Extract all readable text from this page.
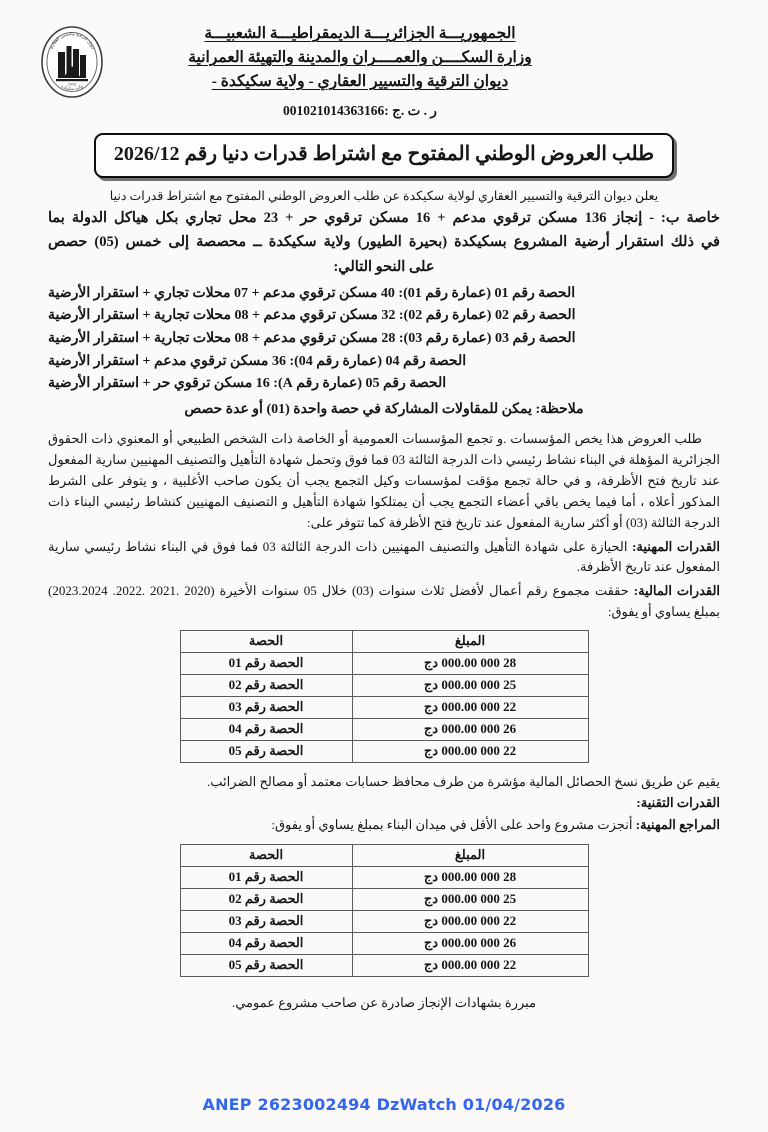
OPGI
ديوان الترقية والتسيير العقاري
ولاية سكيكدة
الجمهوريـــة الجزائريـــة الديمقراطيـــة الشعبيـــة
وزارة السكــــن والعمــــران والمدينة والتهيئة العمرانية
ديوان الترقية والتسيير العقاري - ولاية سكيكدة -
ر . ت .ج :001021014363166
طلب العروض الوطني المفتوح مع اشتراط قدرات دنيا رقم 2026/12

يعلن ديوان الترقية والتسيير العقاري لولاية سكيكدة عن طلب العروض الوطني المفتوح مع اشتراط قدرات دنيا

خاصة ب: - إنجاز 136 مسكن ترقوي مدعم + 16 مسكن ترقوي حر + 23 محل تجاري بكل هياكل الدولة بما

في ذلك استقرار أرضية المشروع بسكيكدة (بحيرة الطيور) ولاية سكيكدة ــ محصصة إلى خمس (05) حصص

على النحو التالي:

الحصة رقم 01 (عمارة رقم 01): 40 مسكن ترقوي مدعم + 07 محلات تجاري + استقرار الأرضية

الحصة رقم 02 (عمارة رقم 02): 32 مسكن ترقوي مدعم + 08 محلات تجارية + استقرار الأرضية

الحصة رقم 03 (عمارة رقم 03): 28 مسكن ترقوي مدعم + 08 محلات تجارية + استقرار الأرضية

الحصة رقم 04 (عمارة رقم 04): 36 مسكن ترقوي مدعم + استقرار الأرضية

الحصة رقم 05 (عمارة رقم A): 16 مسكن ترقوي حر + استقرار الأرضية

ملاحظة: يمكن للمقاولات المشاركة في حصة واحدة (01) أو عدة حصص

طلب العروض هذا يخص المؤسسات .و تجمع المؤسسات العمومية أو الخاصة ذات الشخص الطبيعي أو المعنوي ذات الحقوق الجزائرية المؤهلة في البناء نشاط رئيسي ذات الدرجة الثالثة 03 فما فوق وتحمل شهادة التأهيل والتصنيف المهنيين سارية المفعول عند تاريخ فتح الأظرفة، و في حالة تجمع مؤقت لمؤسسات وكيل التجمع يجب أن يكون صاحب الأغلبية ، و يتوفر على الشرط المذكور أعلاه ، أما فيما يخص باقي أعضاء التجمع يجب أن يمتلكوا شهادة التأهيل و التصنيف المهنيين كنشاط رئيسي البناء ذات الدرجة الثالثة (03) أو أكثر سارية المفعول عند تاريخ فتح الأظرفة كما تتوفر على:

القدرات المهنية: الحيازة على شهادة التأهيل والتصنيف المهنيين ذات الدرجة الثالثة 03 فما فوق في البناء نشاط رئيسي سارية المفعول عند تاريخ الأظرفة.

القدرات المالية: حققت مجموع رقم أعمال لأفضل ثلاث سنوات (03) خلال 05 سنوات الأخيرة (2020 .2021 .2022. 2023.2024) بمبلغ يساوي أو يفوق:

المبلغ	الحصة
28 000 000.00 دج	الحصة رقم 01
25 000 000.00 دج	الحصة رقم 02
22 000 000.00 دج	الحصة رقم 03
26 000 000.00 دج	الحصة رقم 04
22 000 000.00 دج	الحصة رقم 05

يقيم عن طريق نسخ الحصائل المالية مؤشرة من طرف محافظ حسابات معتمد أو مصالح الضرائب.

القدرات التقنية:

المراجع المهنية: أنجزت مشروع واحد على الأقل في ميدان البناء بمبلغ يساوي أو يفوق:

المبلغ	الحصة
28 000 000.00 دج	الحصة رقم 01
25 000 000.00 دج	الحصة رقم 02
22 000 000.00 دج	الحصة رقم 03
26 000 000.00 دج	الحصة رقم 04
22 000 000.00 دج	الحصة رقم 05

مبررة بشهادات الإنجاز صادرة عن صاحب مشروع عمومي.

ANEP 2623002494 DzWatch 01/04/2026
